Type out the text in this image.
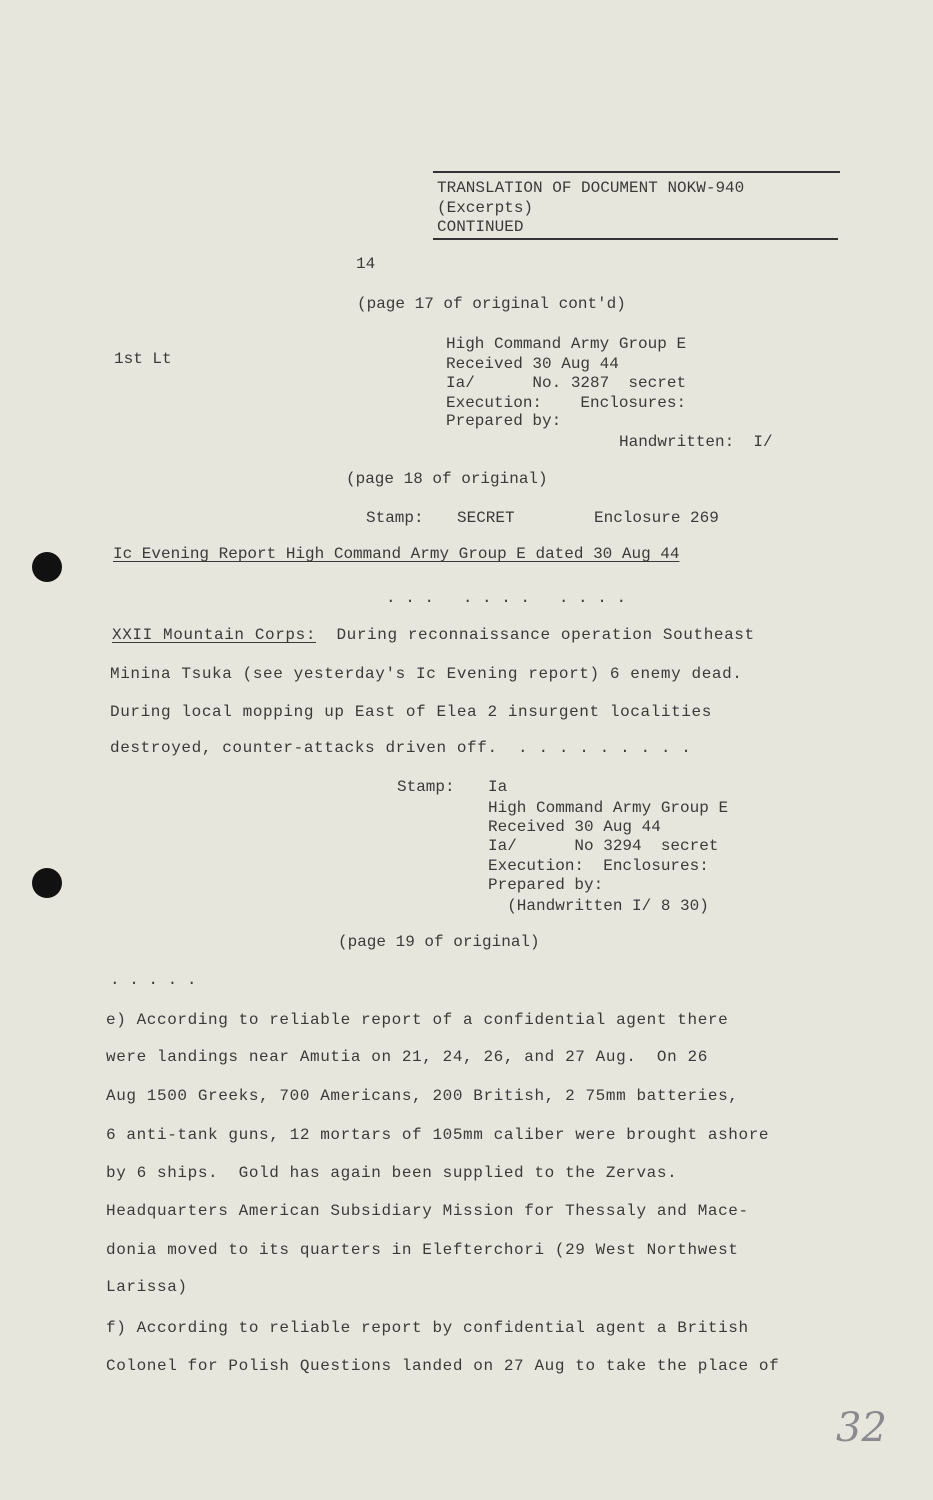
TRANSLATION OF DOCUMENT NOKW-940
(Excerpts)
CONTINUED
14
(page 17 of original cont'd)
1st Lt
High Command Army Group E
Received 30 Aug 44
Ia/      No. 3287  secret
Execution:    Enclosures:
Prepared by:
Handwritten:  I/
(page 18 of original)
Stamp: SECRET	Enclosure 269
Ic Evening Report High Command Army Group E dated 30 Aug 44
. . .   . . . .   . . . .
XXII Mountain Corps: During reconnaissance operation Southeast
Minina Tsuka (see yesterday's Ic Evening report) 6 enemy dead.
During local mopping up East of Elea 2 insurgent localities
destroyed, counter-attacks driven off.  . . . . . . . . .
Stamp: Ia
High Command Army Group E
Received 30 Aug 44
Ia/      No 3294  secret
Execution:  Enclosures:
Prepared by:
(Handwritten I/ 8 30)
(page 19 of original)
. . . . .
e) According to reliable report of a confidential agent there
were landings near Amutia on 21, 24, 26, and 27 Aug.  On 26
Aug 1500 Greeks, 700 Americans, 200 British, 2 75mm batteries,
6 anti-tank guns, 12 mortars of 105mm caliber were brought ashore
by 6 ships.  Gold has again been supplied to the Zervas.
Headquarters American Subsidiary Mission for Thessaly and Mace-
donia moved to its quarters in Elefterchori (29 West Northwest
Larissa)
f) According to reliable report by confidential agent a British
Colonel for Polish Questions landed on 27 Aug to take the place of
32
